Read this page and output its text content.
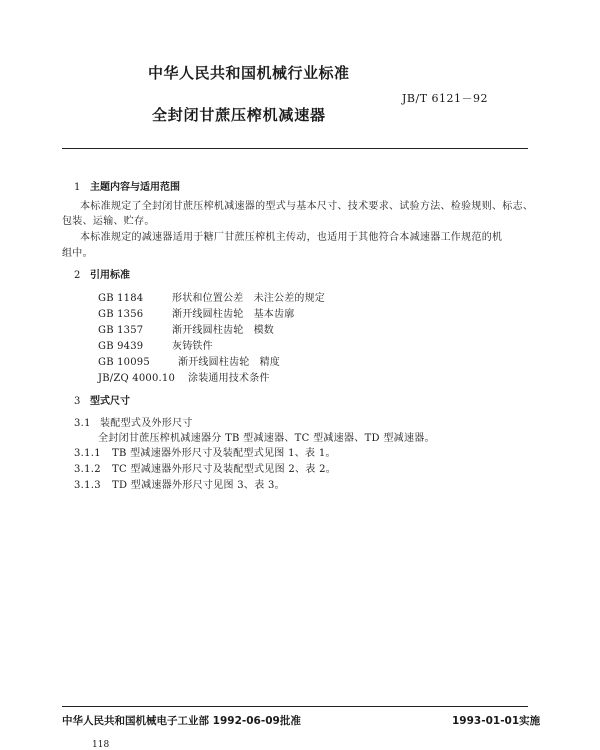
中华人民共和国机械行业标准
JB/T 6121－92
全封闭甘蔗压榨机减速器
1 主题内容与适用范围
本标准规定了全封闭甘蔗压榨机减速器的型式与基本尺寸、技术要求、试验方法、检验规则、标志、
包装、运输、贮存。
本标准规定的减速器适用于糖厂甘蔗压榨机主传动，也适用于其他符合本减速器工作规范的机
组中。
2 引用标准
GB 1184	形状和位置公差　未注公差的规定
GB 1356	渐开线圆柱齿轮　基本齿廓
GB 1357	渐开线圆柱齿轮　模数
GB 9439	灰铸铁件
GB 10095	渐开线圆柱齿轮　精度
JB/ZQ 4000.10 涂装通用技术条件
3 型式尺寸
3.1 装配型式及外形尺寸
全封闭甘蔗压榨机减速器分 TB 型减速器、TC 型减速器、TD 型减速器。
3.1.1 TB 型减速器外形尺寸及装配型式见图 1、表 1。
3.1.2 TC 型减速器外形尺寸及装配型式见图 2、表 2。
3.1.3 TD 型减速器外形尺寸见图 3、表 3。
中华人民共和国机械电子工业部 1992-06-09批准	1993-01-01实施
118
